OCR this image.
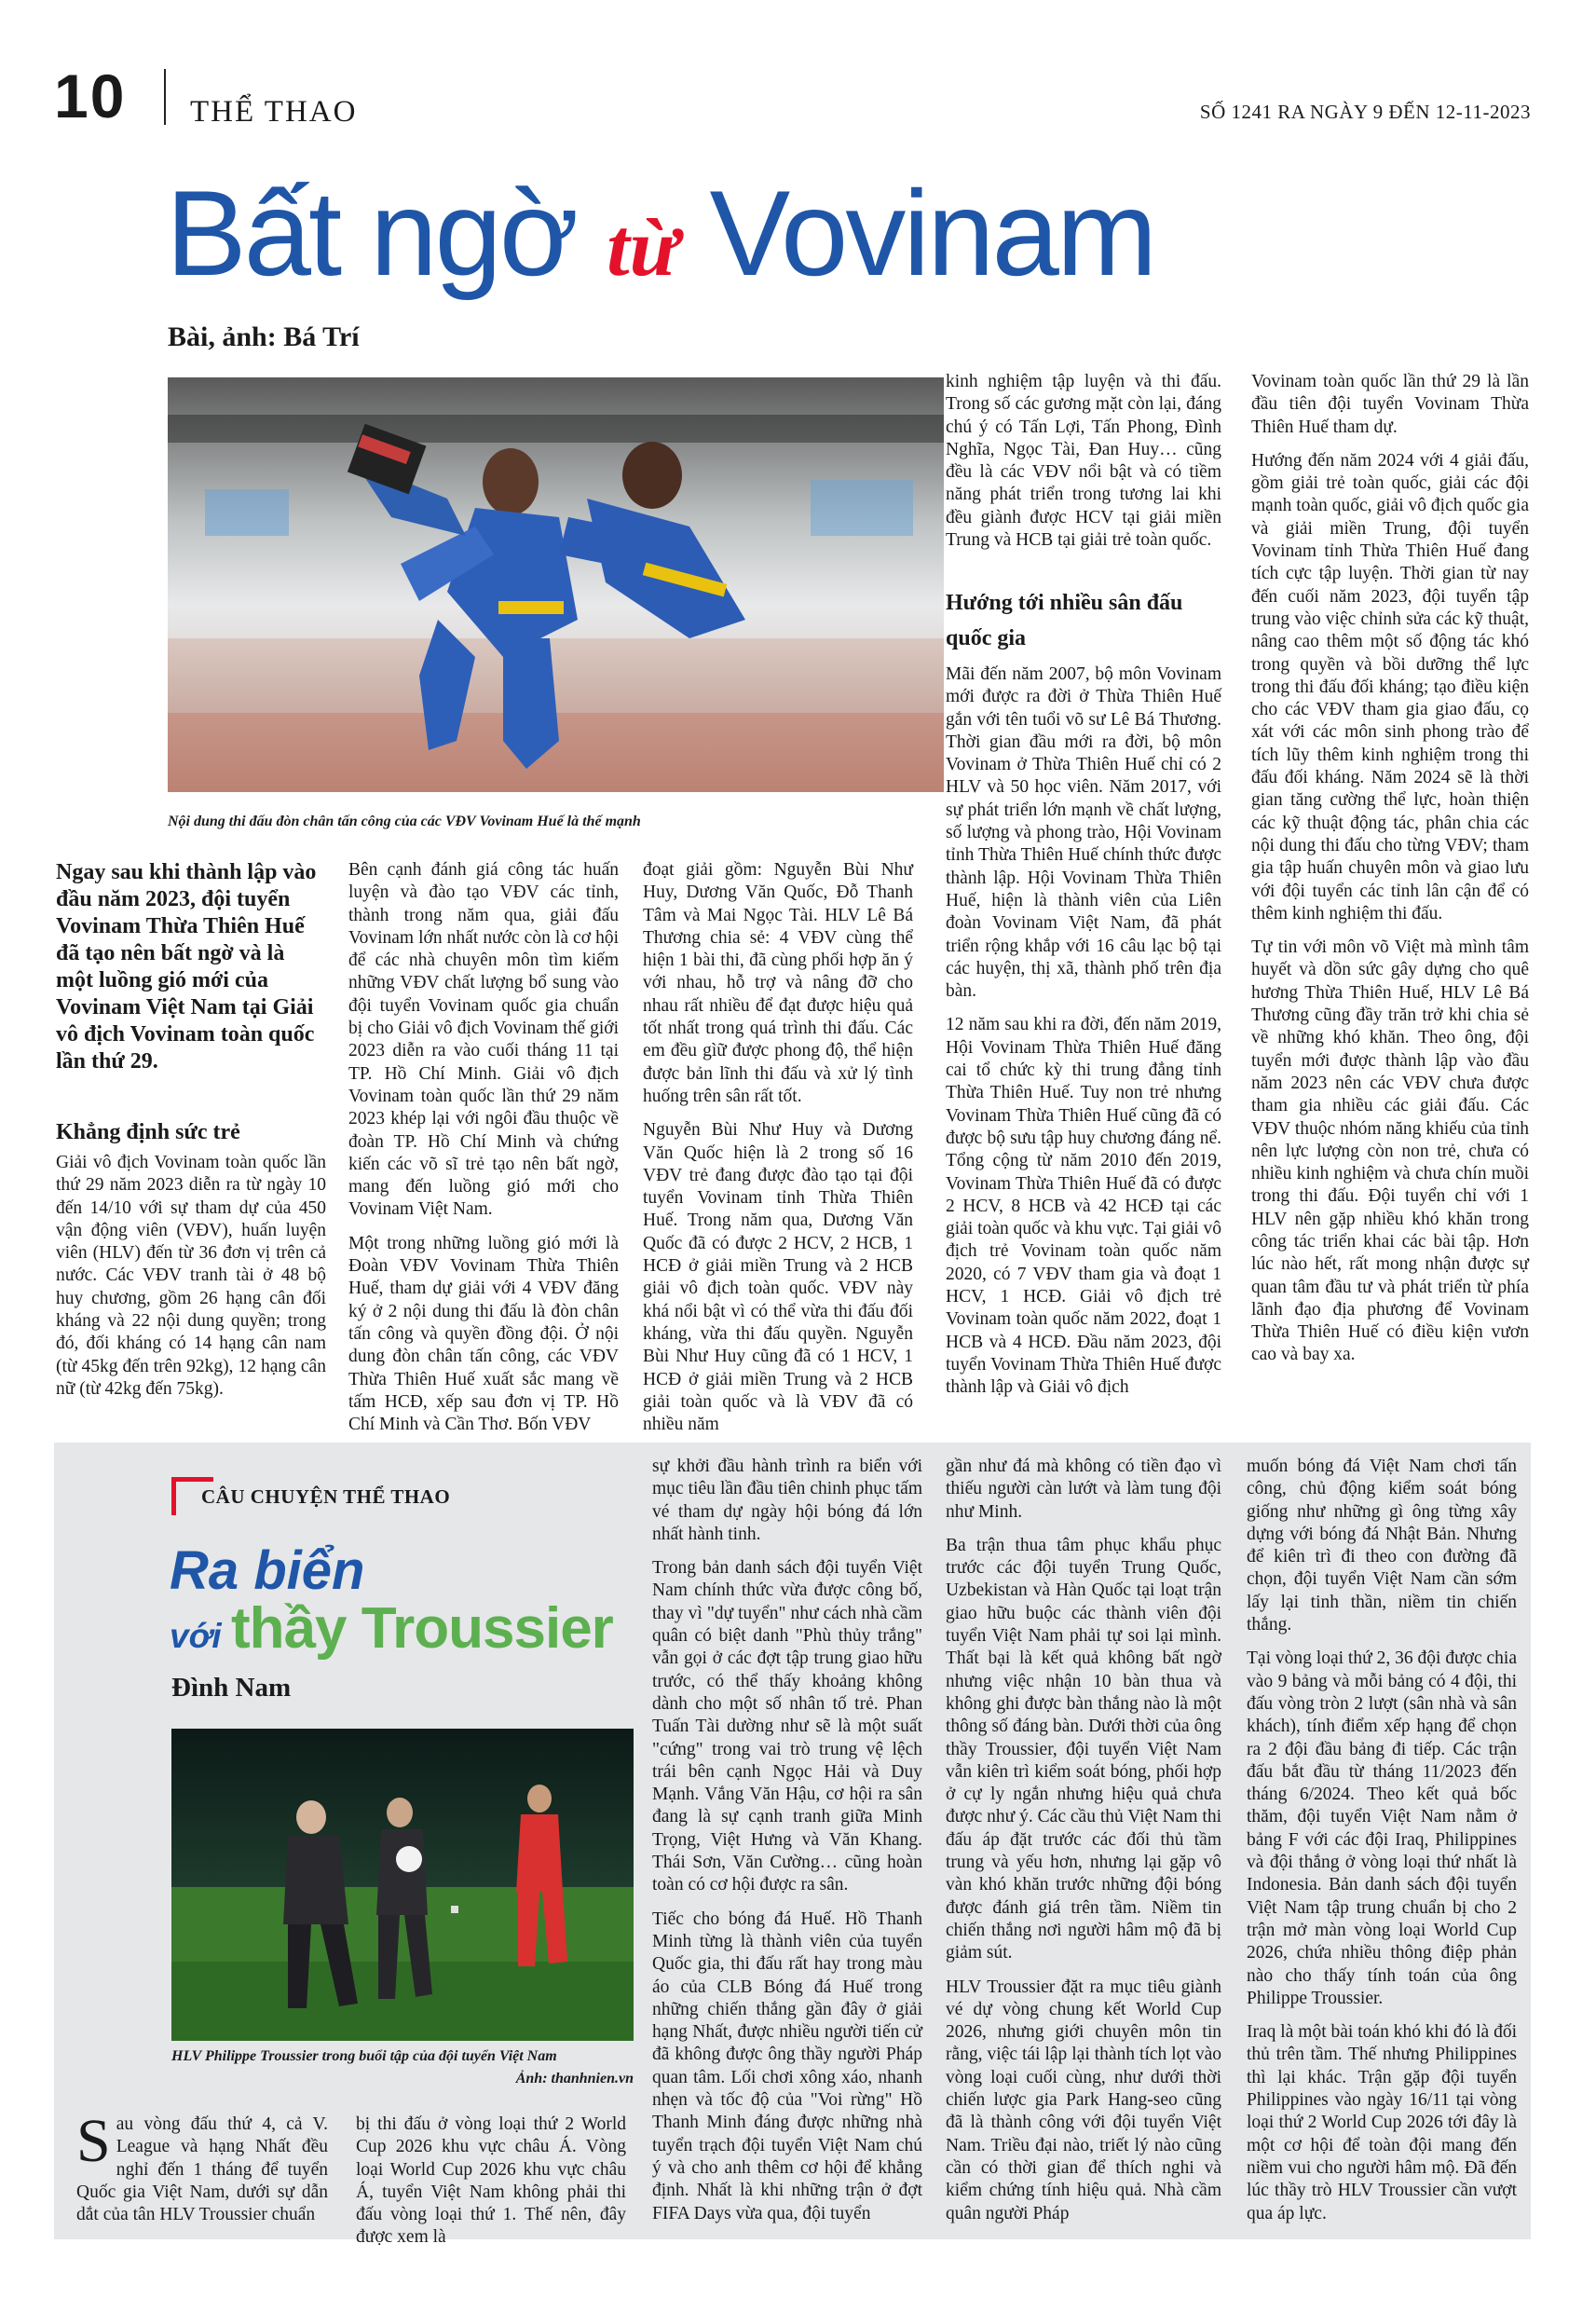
10 THỂ THAO	SỐ 1241 RA NGÀY 9 ĐẾN 12-11-2023
Bất ngờ từ Vovinam
Bài, ảnh: Bá Trí
Nội dung thi đấu đòn chân tấn công của các VĐV Vovinam Huế là thế mạnh
Ngay sau khi thành lập vào đầu năm 2023, đội tuyển Vovinam Thừa Thiên Huế đã tạo nên bất ngờ và là một luồng gió mới của Vovinam Việt Nam tại Giải vô địch Vovinam toàn quốc lần thứ 29.
Khẳng định sức trẻ

Giải vô địch Vovinam toàn quốc lần thứ 29 năm 2023 diễn ra từ ngày 10 đến 14/10 với sự tham dự của 450 vận động viên (VĐV), huấn luyện viên (HLV) đến từ 36 đơn vị trên cả nước. Các VĐV tranh tài ở 48 bộ huy chương, gồm 26 hạng cân đối kháng và 22 nội dung quyền; trong đó, đối kháng có 14 hạng cân nam (từ 45kg đến trên 92kg), 12 hạng cân nữ (từ 42kg đến 75kg).

Bên cạnh đánh giá công tác huấn luyện và đào tạo VĐV các tỉnh, thành trong năm qua, giải đấu Vovinam lớn nhất nước còn là cơ hội để các nhà chuyên môn tìm kiếm những VĐV chất lượng bổ sung vào đội tuyển Vovinam quốc gia chuẩn bị cho Giải vô địch Vovinam thế giới 2023 diễn ra vào cuối tháng 11 tại TP. Hồ Chí Minh. Giải vô địch Vovinam toàn quốc lần thứ 29 năm 2023 khép lại với ngôi đầu thuộc về đoàn TP. Hồ Chí Minh và chứng kiến các võ sĩ trẻ tạo nên bất ngờ, mang đến luồng gió mới cho Vovinam Việt Nam.

Một trong những luồng gió mới là Đoàn VĐV Vovinam Thừa Thiên Huế, tham dự giải với 4 VĐV đăng ký ở 2 nội dung thi đấu là đòn chân tấn công và quyền đồng đội. Ở nội dung đòn chân tấn công, các VĐV Thừa Thiên Huế xuất sắc mang về tấm HCĐ, xếp sau đơn vị TP. Hồ Chí Minh và Cần Thơ. Bốn VĐV

đoạt giải gồm: Nguyễn Bùi Như Huy, Dương Văn Quốc, Đỗ Thanh Tâm và Mai Ngọc Tài. HLV Lê Bá Thương chia sẻ: 4 VĐV cùng thể hiện 1 bài thi, đã cùng phối hợp ăn ý với nhau, hỗ trợ và nâng đỡ cho nhau rất nhiều để đạt được hiệu quả tốt nhất trong quá trình thi đấu. Các em đều gìữ được phong độ, thể hiện được bản lĩnh thi đấu và xử lý tình huống trên sân rất tốt.

Nguyễn Bùi Như Huy và Dương Văn Quốc hiện là 2 trong số 16 VĐV trẻ đang được đào tạo tại đội tuyển Vovinam tỉnh Thừa Thiên Huế. Trong năm qua, Dương Văn Quốc đã có được 2 HCV, 2 HCB, 1 HCĐ ở giải miền Trung và 2 HCB giải vô địch toàn quốc. VĐV này khá nổi bật vì có thể vừa thi đấu đối kháng, vừa thi đấu quyền. Nguyễn Bùi Như Huy cũng đã có 1 HCV, 1 HCĐ ở giải miền Trung và 2 HCB giải toàn quốc và là VĐV đã có nhiều năm

kinh nghiệm tập luyện và thi đấu. Trong số các gương mặt còn lại, đáng chú ý có Tấn Lợi, Tấn Phong, Đình Nghĩa, Ngọc Tài, Đan Huy… cũng đều là các VĐV nổi bật và có tiềm năng phát triển trong tương lai khi đều giành được HCV tại giải miền Trung và HCB tại giải trẻ toàn quốc.

Hướng tới nhiều sân đấu quốc gia

Mãi đến năm 2007, bộ môn Vovinam mới được ra đời ở Thừa Thiên Huế gắn với tên tuổi võ sư Lê Bá Thương. Thời gian đầu mới ra đời, bộ môn Vovinam ở Thừa Thiên Huế chỉ có 2 HLV và 50 học viên. Năm 2017, với sự phát triển lớn mạnh về chất lượng, số lượng và phong trào, Hội Vovinam tỉnh Thừa Thiên Huế chính thức được thành lập. Hội Vovinam Thừa Thiên Huế, hiện là thành viên của Liên đoàn Vovinam Việt Nam, đã phát triển rộng khắp với 16 câu lạc bộ tại các huyện, thị xã, thành phố trên địa bàn.

12 năm sau khi ra đời, đến năm 2019, Hội Vovinam Thừa Thiên Huế đăng cai tổ chức kỳ thi trung đẳng tỉnh Thừa Thiên Huế. Tuy non trẻ nhưng Vovinam Thừa Thiên Huế cũng đã có được bộ sưu tập huy chương đáng nể. Tổng cộng từ năm 2010 đến 2019, Vovinam Thừa Thiên Huế đã có được 2 HCV, 8 HCB và 42 HCĐ tại các giải toàn quốc và khu vực. Tại giải vô địch trẻ Vovinam toàn quốc năm 2020, có 7 VĐV tham gia và đoạt 1 HCV, 1 HCĐ. Giải vô địch trẻ Vovinam toàn quốc năm 2022, đoạt 1 HCB và 4 HCĐ. Đầu năm 2023, đội tuyển Vovinam Thừa Thiên Huế được thành lập và Giải vô địch

Vovinam toàn quốc lần thứ 29 là lần đầu tiên đội tuyển Vovinam Thừa Thiên Huế tham dự.

Hướng đến năm 2024 với 4 giải đấu, gồm giải trẻ toàn quốc, giải các đội mạnh toàn quốc, giải vô địch quốc gia và giải miền Trung, đội tuyển Vovinam tỉnh Thừa Thiên Huế đang tích cực tập luyện. Thời gian từ nay đến cuối năm 2023, đội tuyển tập trung vào việc chỉnh sửa các kỹ thuật, nâng cao thêm một số động tác khó trong quyền và bồi dưỡng thể lực trong thi đấu đối kháng; tạo điều kiện cho các VĐV tham gia giao đấu, cọ xát với các môn sinh phong trào để tích lũy thêm kinh nghiệm trong thi đấu đối kháng. Năm 2024 sẽ là thời gian tăng cường thể lực, hoàn thiện các kỹ thuật động tác, phân chia các nội dung thi đấu cho từng VĐV; tham gia tập huấn chuyên môn và giao lưu với đội tuyển các tỉnh lân cận để có thêm kinh nghiệm thi đấu.

Tự tin với môn võ Việt mà mình tâm huyết và dồn sức gây dựng cho quê hương Thừa Thiên Huế, HLV Lê Bá Thương cũng đầy trăn trở khi chia sẻ về những khó khăn. Theo ông, đội tuyển mới được thành lập vào đầu năm 2023 nên các VĐV chưa được tham gia nhiều các giải đấu. Các VĐV thuộc nhóm năng khiếu của tỉnh nên lực lượng còn non trẻ, chưa có nhiều kinh nghiệm và chưa chín muồi trong thi đấu. Đội tuyển chỉ với 1 HLV nên gặp nhiều khó khăn trong công tác triển khai các bài tập. Hơn lúc nào hết, rất mong nhận được sự quan tâm đầu tư và phát triển từ phía lãnh đạo địa phương để Vovinam Thừa Thiên Huế có điều kiện vươn cao và bay xa.

CÂU CHUYỆN THỂ THAO
Ra biển
với thầy Troussier
Đình Nam
HLV Philippe Troussier trong buổi tập của đội tuyển Việt Nam
Ảnh: thanhnien.vn
Sau vòng đấu thứ 4, cả V. League và hạng Nhất đều nghỉ đến 1 tháng để tuyển Quốc gia Việt Nam, dưới sự dẫn dắt của tân HLV Troussier chuẩn

bị thi đấu ở vòng loại thứ 2 World Cup 2026 khu vực châu Á. Vòng loại World Cup 2026 khu vực châu Á, tuyển Việt Nam không phải thi đấu vòng loại thứ 1. Thế nên, đây được xem là

sự khởi đầu hành trình ra biển với mục tiêu lần đầu tiên chinh phục tấm vé tham dự ngày hội bóng đá lớn nhất hành tinh.

Trong bản danh sách đội tuyển Việt Nam chính thức vừa được công bố, thay vì "dự tuyển" như cách nhà cầm quân có biệt danh "Phù thủy trắng" vẫn gọi ở các đợt tập trung giao hữu trước, có thể thấy khoảng không dành cho một số nhân tố trẻ. Phan Tuấn Tài dường như sẽ là một suất "cứng" trong vai trò trung vệ lệch trái bên cạnh Ngọc Hải và Duy Mạnh. Vắng Văn Hậu, cơ hội ra sân đang là sự cạnh tranh giữa Minh Trọng, Việt Hưng và Văn Khang. Thái Sơn, Văn Cường… cũng hoàn toàn có cơ hội được ra sân.

Tiếc cho bóng đá Huế. Hồ Thanh Minh từng là thành viên của tuyển Quốc gia, thi đấu rất hay trong màu áo của CLB Bóng đá Huế trong những chiến thắng gần đây ở giải hạng Nhất, được nhiều người tiến cử đã không được ông thầy người Pháp quan tâm. Lối chơi xông xáo, nhanh nhẹn và tốc độ của "Voi rừng" Hồ Thanh Minh đáng được những nhà tuyển trạch đội tuyển Việt Nam chú ý và cho anh thêm cơ hội để khẳng định. Nhất là khi những trận ở đợt FIFA Days vừa qua, đội tuyển

gần như đá mà không có tiền đạo vì thiếu người càn lướt và làm tung đội như Minh.

Ba trận thua tâm phục khẩu phục trước các đội tuyển Trung Quốc, Uzbekistan và Hàn Quốc tại loạt trận giao hữu buộc các thành viên đội tuyển Việt Nam phải tự soi lại mình. Thất bại là kết quả không bất ngờ nhưng việc nhận 10 bàn thua và không ghi được bàn thắng nào là một thông số đáng bàn. Dưới thời của ông thầy Troussier, đội tuyển Việt Nam vẫn kiên trì kiểm soát bóng, phối hợp ở cự ly ngắn nhưng hiệu quả chưa được như ý. Các cầu thủ Việt Nam thi đấu áp đặt trước các đối thủ tầm trung và yếu hơn, nhưng lại gặp vô vàn khó khăn trước những đội bóng được đánh giá trên tầm. Niềm tin chiến thắng nơi người hâm mộ đã bị giảm sút.

HLV Troussier đặt ra mục tiêu giành vé dự vòng chung kết World Cup 2026, nhưng giới chuyên môn tin rằng, việc tái lập lại thành tích lọt vào vòng loại cuối cùng, như dưới thời chiến lược gia Park Hang-seo cũng đã là thành công với đội tuyển Việt Nam. Triều đại nào, triết lý nào cũng cần có thời gian để thích nghi và kiểm chứng tính hiệu quả. Nhà cầm quân người Pháp

muốn bóng đá Việt Nam chơi tấn công, chủ động kiểm soát bóng giống như những gì ông từng xây dựng với bóng đá Nhật Bản. Nhưng để kiên trì đi theo con đường đã chọn, đội tuyển Việt Nam cần sớm lấy lại tinh thần, niềm tin chiến thắng.

Tại vòng loại thứ 2, 36 đội được chia vào 9 bảng và mỗi bảng có 4 đội, thi đấu vòng tròn 2 lượt (sân nhà và sân khách), tính điểm xếp hạng để chọn ra 2 đội đầu bảng đi tiếp. Các trận đấu bắt đầu từ tháng 11/2023 đến tháng 6/2024. Theo kết quả bốc thăm, đội tuyển Việt Nam nằm ở bảng F với các đội Iraq, Philippines và đội thắng ở vòng loại thứ nhất là Indonesia. Bản danh sách đội tuyển Việt Nam tập trung chuẩn bị cho 2 trận mở màn vòng loại World Cup 2026, chứa nhiều thông điệp phản nào cho thấy tính toán của ông Philippe Troussier.

Iraq là một bài toán khó khi đó là đối thủ trên tầm. Thế nhưng Philippines thì lại khác. Trận gặp đội tuyển Philippines vào ngày 16/11 tại vòng loại thứ 2 World Cup 2026 tới đây là một cơ hội để toàn đội mang đến niềm vui cho người hâm mộ. Đã đến lúc thầy trò HLV Troussier cần vượt qua áp lực.
